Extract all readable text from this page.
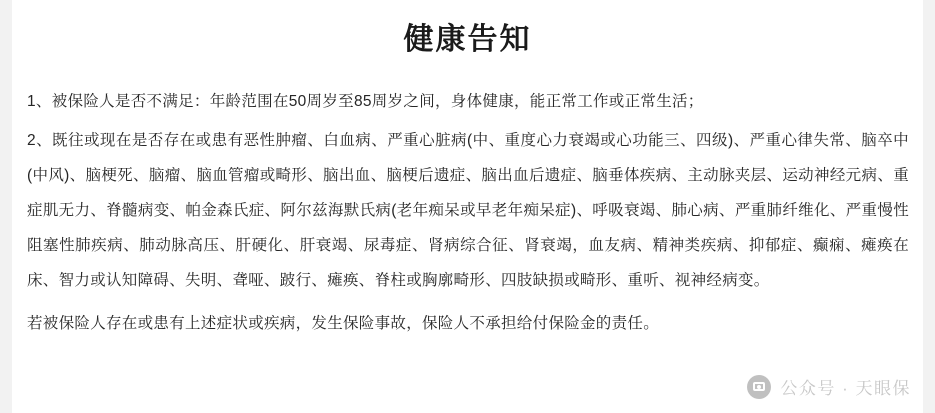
健康告知

1、被保险人是否不满足：年龄范围在50周岁至85周岁之间，身体健康，能正常工作或正常生活；

2、既往或现在是否存在或患有恶性肿瘤、白血病、严重心脏病(中、重度心力衰竭或心功能三、四级)、严重心律失常、脑卒中(中风)、脑梗死、脑瘤、脑血管瘤或畸形、脑出血、脑梗后遗症、脑出血后遗症、脑垂体疾病、主动脉夹层、运动神经元病、重症肌无力、脊髓病变、帕金森氏症、阿尔兹海默氏病(老年痴呆或早老年痴呆症)、呼吸衰竭、肺心病、严重肺纤维化、严重慢性阻塞性肺疾病、肺动脉高压、肝硬化、肝衰竭、尿毒症、肾病综合征、肾衰竭，血友病、精神类疾病、抑郁症、癫痫、瘫痪在床、智力或认知障碍、失明、聋哑、跛行、瘫痪、脊柱或胸廓畸形、四肢缺损或畸形、重听、视神经病变。

若被保险人存在或患有上述症状或疾病，发生保险事故，保险人不承担给付保险金的责任。

公众号 · 天眼保
